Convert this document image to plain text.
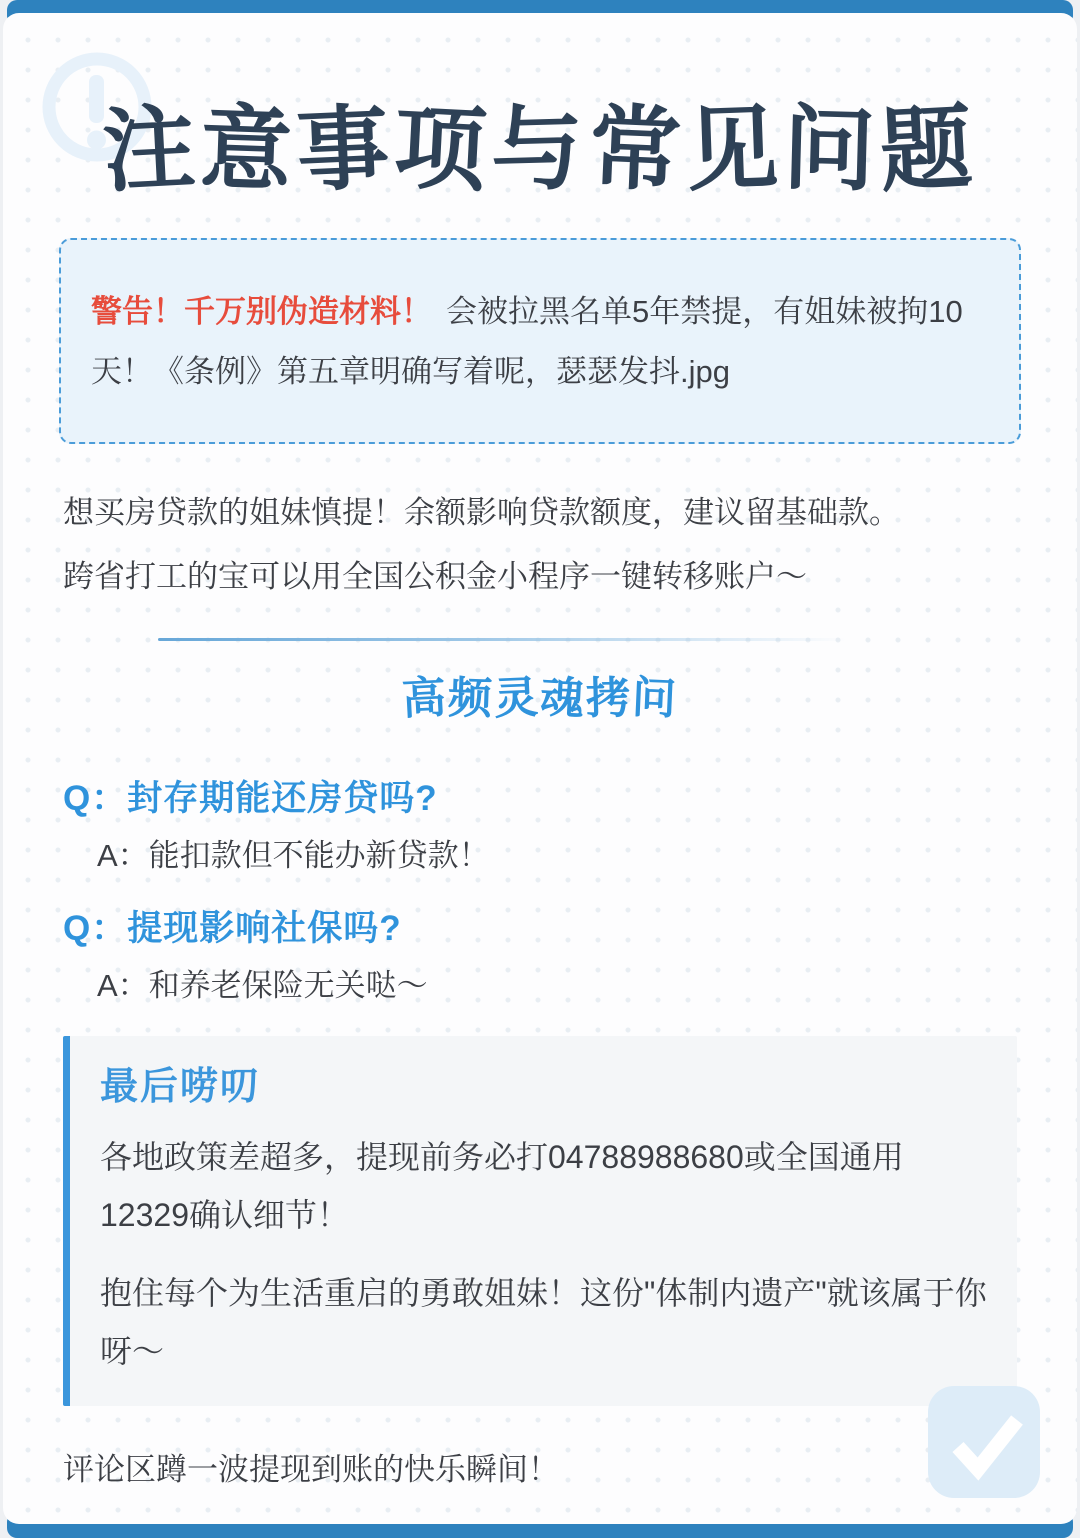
注意事项与常见问题
警告！千万别伪造材料！ 会被拉黑名单5年禁提，有姐妹被拘10天！《条例》第五章明确写着呢，瑟瑟发抖.jpg

想买房贷款的姐妹慎提！余额影响贷款额度，建议留基础款。

跨省打工的宝可以用全国公积金小程序一键转移账户～

高频灵魂拷问
Q：封存期能还房贷吗?
A：能扣款但不能办新贷款！
Q：提现影响社保吗?
A：和养老保险无关哒～
最后唠叨

各地政策差超多，提现前务必打04788988680或全国通用12329确认细节！

抱住每个为生活重启的勇敢姐妹！这份"体制内遗产"就该属于你呀～

评论区蹲一波提现到账的快乐瞬间！
